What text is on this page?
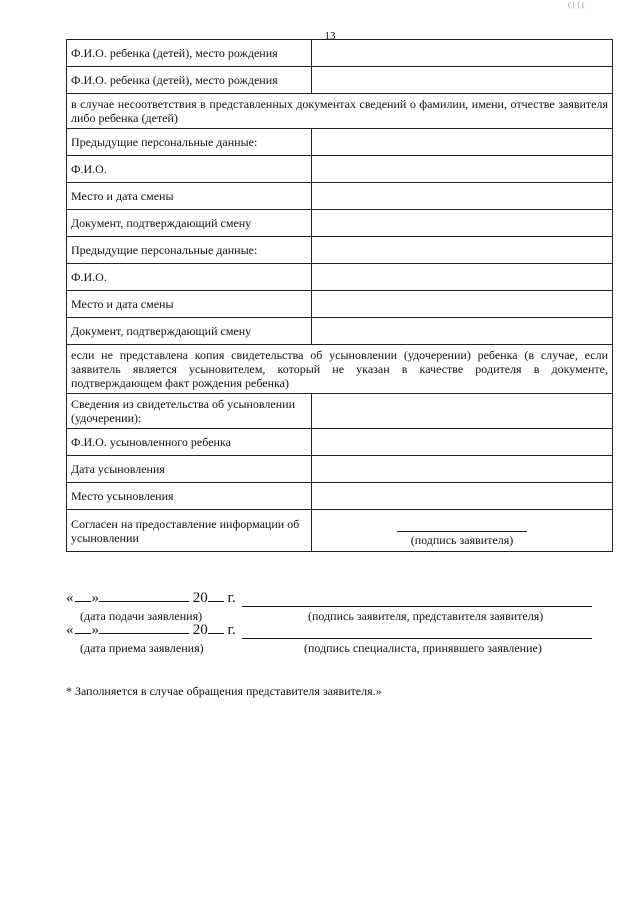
13
( ( ( (
Ф.И.О. ребенка (детей), место рождения	
Ф.И.О. ребенка (детей), место рождения	
в случае несоответствия в представленных документах сведений о фамилии, имени, отчестве заявителя либо ребенка (детей)	
Предыдущие персональные данные:	
Ф.И.О.	
Место и дата смены	
Документ, подтверждающий смену	
Предыдущие персональные данные:	
Ф.И.О.	
Место и дата смены	
Документ, подтверждающий смену	
если не представлена копия свидетельства об усыновлении (удочерении) ребенка (в случае, если заявитель является усыновителем, который не указан в качестве родителя в документе, подтверждающем факт рождения ребенка)	
Сведения из свидетельства об усыновлении (удочерении):	
Ф.И.О. усыновленного ребенка	
Дата усыновления	
Место усыновления	
Согласен на предоставление информации об усыновлении	(подпись заявителя)
« »	20 г.
(дата подачи заявления)	(подпись заявителя, представителя заявителя)
« »	20 г.
(дата приема заявления)	(подпись специалиста, принявшего заявление)
* Заполняется в случае обращения представителя заявителя.»
